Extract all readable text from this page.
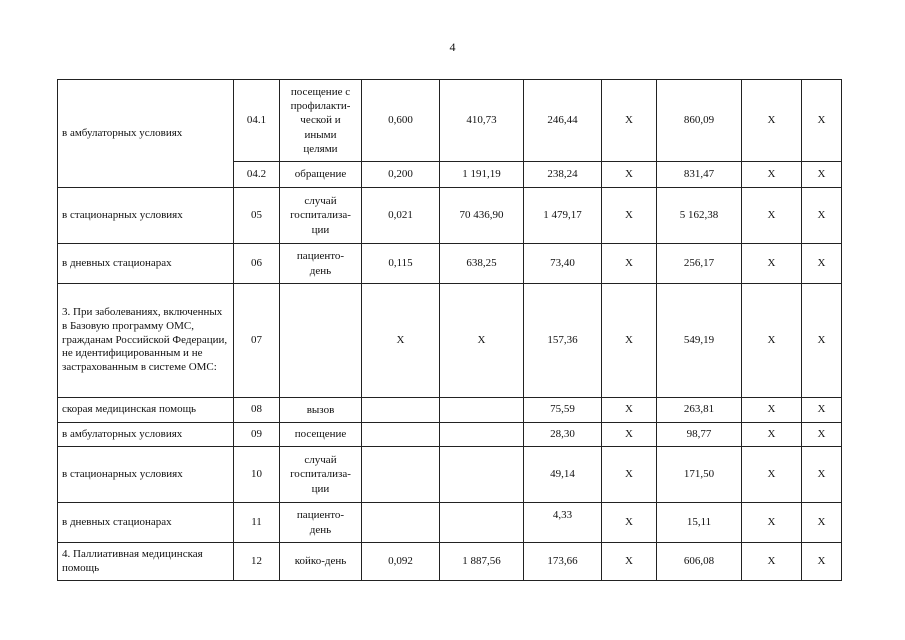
4
в амбулаторных условиях	04.1	посещение с
профилакти-
ческой и
иными
целями	0,600	410,73	246,44	X	860,09	X	X
	04.2	обращение	0,200	1 191,19	238,24	X	831,47	X	X
в стационарных условиях	05	случай
госпитализа-
ции	0,021	70 436,90	1 479,17	X	5 162,38	X	X
в дневных стационарах	06	пациенто-
день	0,115	638,25	73,40	X	256,17	X	X
3. При заболеваниях, включенных в Базовую программу ОМС, гражданам Российской Федерации, не идентифицированным и не застрахованным в системе ОМС:	07		X	X	157,36	X	549,19	X	X
скорая медицинская помощь	08	вызов			75,59	X	263,81	X	X
в амбулаторных условиях	09	посещение			28,30	X	98,77	X	X
в стационарных условиях	10	случай
госпитализа-
ции			49,14	X	171,50	X	X
в дневных стационарах	11	пациенто-
день			4,33	X	15,11	X	X
4. Паллиативная медицинская помощь	12	койко-день	0,092	1 887,56	173,66	X	606,08	X	X
